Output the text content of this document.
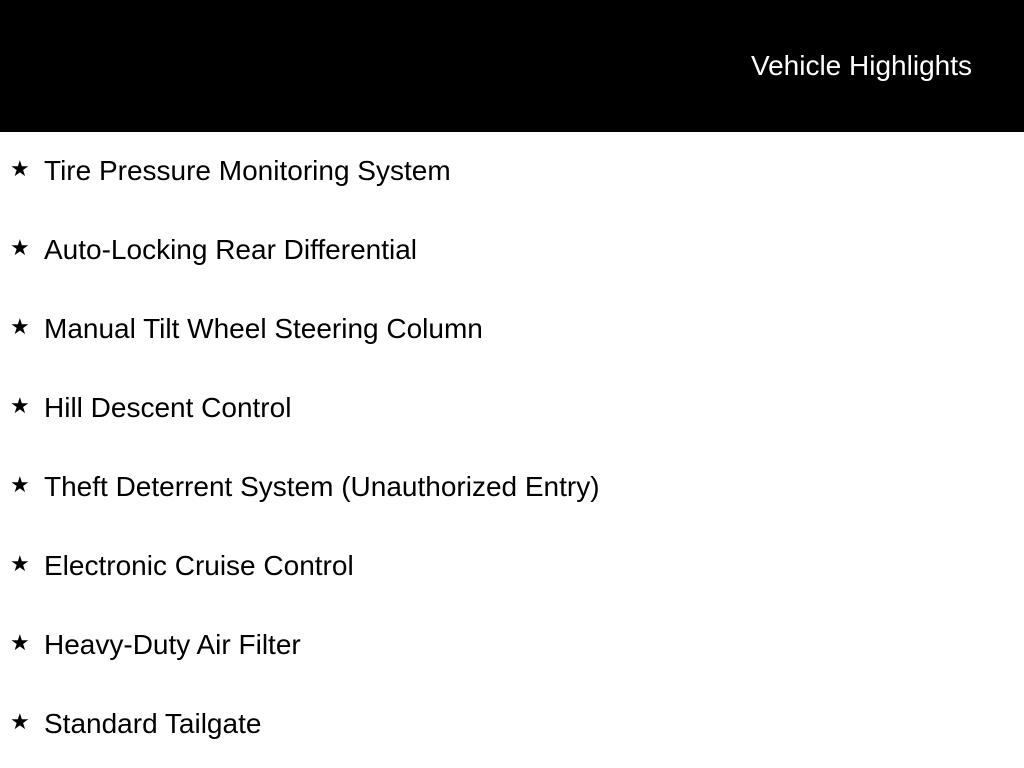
Vehicle Highlights
★ Tire Pressure Monitoring System
★ Auto-Locking Rear Differential
★ Manual Tilt Wheel Steering Column
★ Hill Descent Control
★ Theft Deterrent System (Unauthorized Entry)
★ Electronic Cruise Control
★ Heavy-Duty Air Filter
★ Standard Tailgate
